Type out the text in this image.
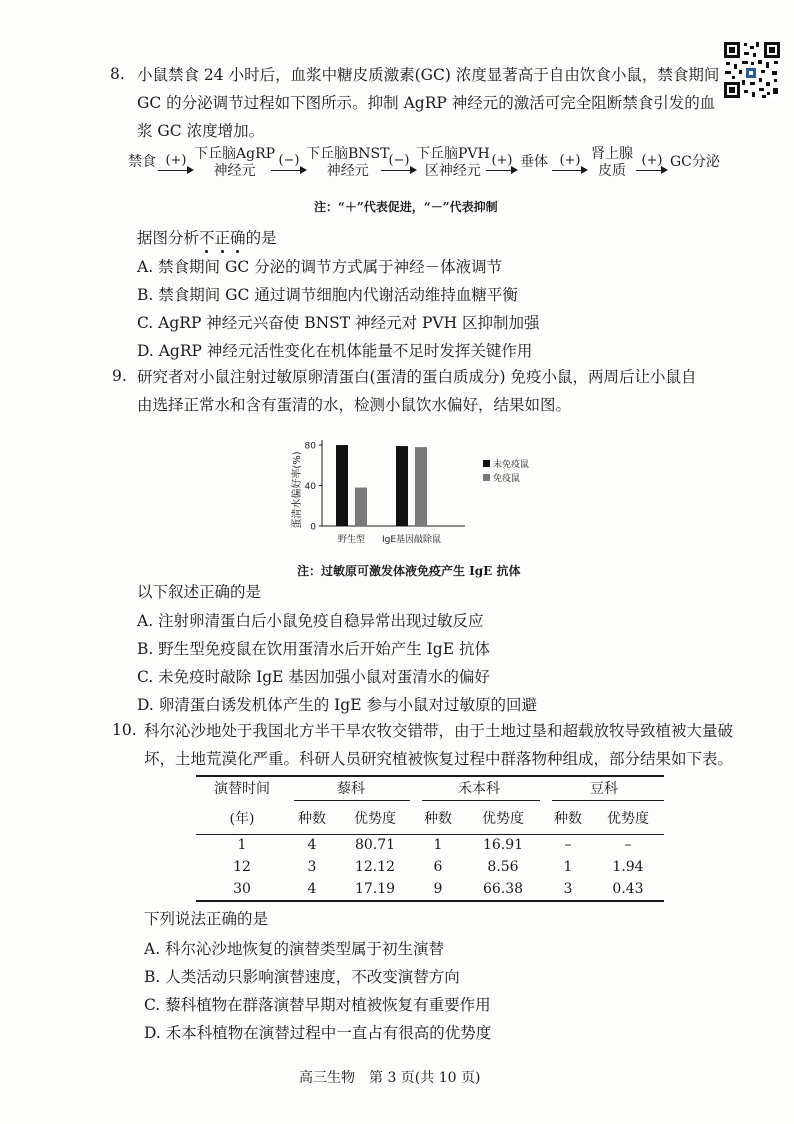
8. 小鼠禁食 24 小时后，血浆中糖皮质激素(GC) 浓度显著高于自由饮食小鼠，禁食期间
GC 的分泌调节过程如下图所示。抑制 AgRP 神经元的激活可完全阻断禁食引发的血
浆 GC 浓度增加。
禁食 (+) 下丘脑AgRP
神经元
(−) 下丘脑BNST
神经元
(−) 下丘脑PVH
区神经元
(+) 垂体 (+) 肾上腺
皮质
(+) GC分泌
注：“＋”代表促进，“－”代表抑制
据图分析不正确的是
A. 禁食期间 GC 分泌的调节方式属于神经－体液调节
B. 禁食期间 GC 通过调节细胞内代谢活动维持血糖平衡
C. AgRP 神经元兴奋使 BNST 神经元对 PVH 区抑制加强
D. AgRP 神经元活性变化在机体能量不足时发挥关键作用
9. 研究者对小鼠注射过敏原卵清蛋白(蛋清的蛋白质成分) 免疫小鼠，两周后让小鼠自
由选择正常水和含有蛋清的水，检测小鼠饮水偏好，结果如图。
蛋清水偏好率(%) 0
40
80
野生型 IgE基因敲除鼠
未免疫鼠
免疫鼠
注：过敏原可激发体液免疫产生 IgE 抗体
以下叙述正确的是
A. 注射卵清蛋白后小鼠免疫自稳异常出现过敏反应
B. 野生型免疫鼠在饮用蛋清水后开始产生 IgE 抗体
C. 未免疫时敲除 IgE 基因加强小鼠对蛋清水的偏好
D. 卵清蛋白诱发机体产生的 IgE 参与小鼠对过敏原的回避
10. 科尔沁沙地处于我国北方半干旱农牧交错带，由于土地过垦和超载放牧导致植被大量破
坏，土地荒漠化严重。科研人员研究植被恢复过程中群落物种组成，部分结果如下表。
演替时间	藜科		禾本科		豆科	
(年)	种数	优势度	种数	优势度	种数	优势度
1	4	80.71	1	16.91	–	–
12	3	12.12	6	8.56	1	1.94
30	4	17.19	9	66.38	3	0.43
下列说法正确的是
A. 科尔沁沙地恢复的演替类型属于初生演替
B. 人类活动只影响演替速度，不改变演替方向
C. 藜科植物在群落演替早期对植被恢复有重要作用
D. 禾本科植物在演替过程中一直占有很高的优势度
高三生物　第 3 页(共 10 页)
